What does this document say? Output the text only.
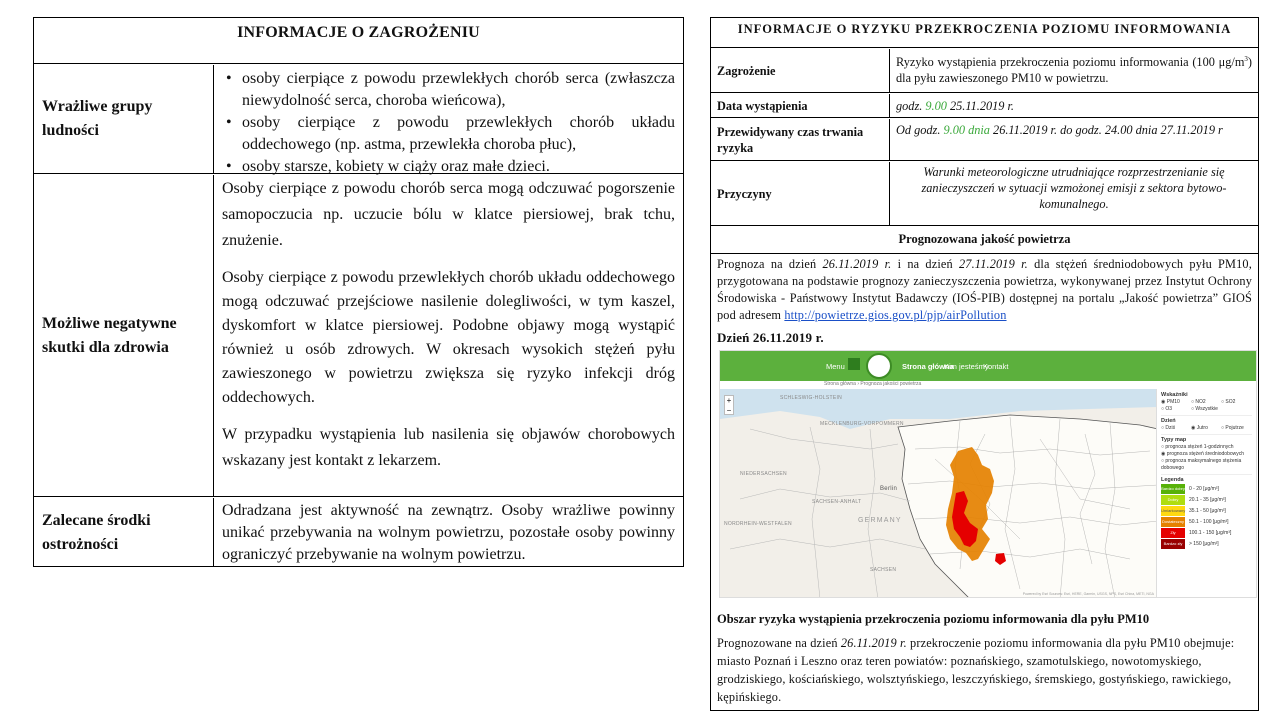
INFORMACJE O ZAGROŻENIU
Wrażliwe grupy ludności
• osoby cierpiące z powodu przewlekłych chorób serca (zwłaszcza niewydolność serca, choroba wieńcowa),
• osoby cierpiące z powodu przewlekłych chorób układu oddechowego (np. astma, przewlekła choroba płuc),
• osoby starsze, kobiety w ciąży oraz małe dzieci.
Możliwe negatywne skutki dla zdrowia
Osoby cierpiące z powodu chorób serca mogą odczuwać pogorszenie samopoczucia np. uczucie bólu w klatce piersiowej, brak tchu, znużenie.
Osoby cierpiące z powodu przewlekłych chorób układu oddechowego mogą odczuwać przejściowe nasilenie dolegliwości, w tym kaszel, dyskomfort w klatce piersiowej. Podobne objawy mogą wystąpić również u osób zdrowych. W okresach wysokich stężeń pyłu zawieszonego w powietrzu zwiększa się ryzyko infekcji dróg oddechowych.
W przypadku wystąpienia lub nasilenia się objawów chorobowych wskazany jest kontakt z lekarzem.
Zalecane środki ostrożności
Odradzana jest aktywność na zewnątrz. Osoby wrażliwe powinny unikać przebywania na wolnym powietrzu, pozostałe osoby powinny ograniczyć przebywanie na wolnym powietrzu.
INFORMACJE O RYZYKU PRZEKROCZENIA POZIOMU INFORMOWANIA
Zagrożenie
Ryzyko wystąpienia przekroczenia poziomu informowania (100 $\mu g/m^3$) dla pyłu zawieszonego PM10 w powietrzu.
Data wystąpienia	godz. 9.00 25.11.2019 r.
Przewidywany czas trwania ryzyka
Od godz. 9.00 dnia 26.11.2019 r. do godz. 24.00 dnia 27.11.2019 r
Przyczyny
Warunki meteorologiczne utrudniające rozprzestrzenianie się zanieczyszczeń w sytuacji wzmożonej emisji z sektora bytowo-komunalnego.
Prognozowana jakość powietrza
Prognoza na dzień 26.11.2019 r. i na dzień 27.11.2019 r. dla stężeń średniodobowych pyłu PM10, przygotowana na podstawie prognozy zanieczyszczenia powietrza, wykonywanej przez Instytut Ochrony Środowiska - Państwowy Instytut Badawczy (IOŚ-PIB) dostępnej na portalu „Jakość powietrza” GIOŚ pod adresem http://powietrze.gios.gov.pl/pjp/airPollution
Dzień 26.11.2019 r.
Menu	Strona główna
Kim jesteśmy
Kontakt
Strona główna › Prognoza jakości powietrza
SCHLESWIG-HOLSTEIN
MECKLENBURG-VORPOMMERN
NIEDERSACHSEN
Berlin
SACHSEN-ANHALT
GERMANY
NORDRHEIN-WESTFALEN
SACHSEN
+
−
Wskaźniki
◉ PM10 ○ NO2	○ SO2
○ O3	○ Wszystkie
Dzień
○ Dziś	◉ Jutro	○ Pojutrze
Typy map
○ prognoza stężeń 1-godzinnych
◉ prognoza stężeń średniodobowych
○ prognoza maksymalnego stężenia dobowego
Legenda
Bardzo dobry 0 - 20 [μg/m³]
Dobry 20.1 - 35 [μg/m³]
Umiarkowany 35.1 - 50 [μg/m³]
Dostateczny 50.1 - 100 [μg/m³]
Zły	100.1 - 150 [μg/m³]
Bardzo zły > 150 [μg/m³]
Powered by Esri Sources: Esri, HERE, Garmin, USGS, NPS, Esri China, METI, NGA
Obszar ryzyka wystąpienia przekroczenia poziomu informowania dla pyłu PM10
Prognozowane na dzień 26.11.2019 r. przekroczenie poziomu informowania dla pyłu PM10 obejmuje: miasto Poznań i Leszno oraz teren powiatów: poznańskiego, szamotulskiego, nowotomyskiego, grodziskiego, kościańskiego, wolsztyńskiego, leszczyńskiego, śremskiego, gostyńskiego, rawickiego, kępińskiego.
